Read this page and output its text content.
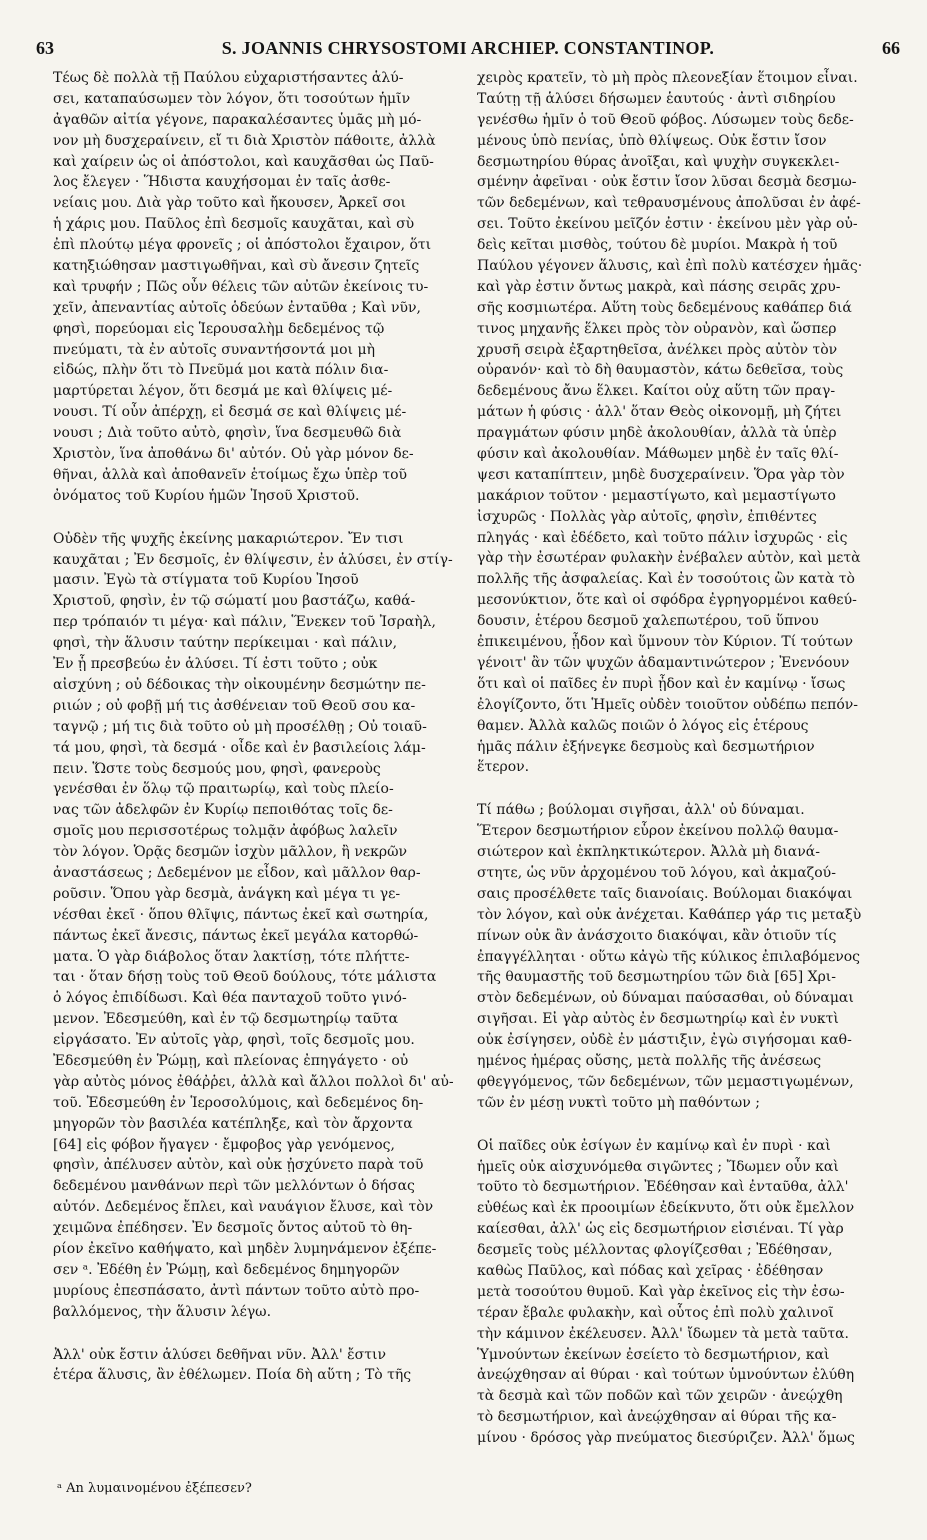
63	S. JOANNIS CHRYSOSTOMI ARCHIEP. CONSTANTINOP.	66
Τέως δὲ πολλὰ τῇ Παύλου εὐχαριστήσαντες ἁλύ-
σει, καταπαύσωμεν τὸν λόγον, ὅτι τοσούτων ἡμῖν
ἀγαθῶν αἰτία γέγονε, παρακαλέσαντες ὑμᾶς μὴ μό-
νον μὴ δυσχεραίνειν, εἴ τι διὰ Χριστὸν πάθοιτε, ἀλλὰ
καὶ χαίρειν ὡς οἱ ἀπόστολοι, καὶ καυχᾶσθαι ὡς Παῦ-
λος ἔλεγεν · Ἥδιστα καυχήσομαι ἐν ταῖς ἀσθε-
νείαις μου. Διὰ γὰρ τοῦτο καὶ ἤκουσεν, Ἀρκεῖ σοι
ἡ χάρις μου. Παῦλος ἐπὶ δεσμοῖς καυχᾶται, καὶ σὺ
ἐπὶ πλούτῳ μέγα φρονεῖς ; οἱ ἀπόστολοι ἔχαιρον, ὅτι
κατηξιώθησαν μαστιγωθῆναι, καὶ σὺ ἄνεσιν ζητεῖς
καὶ τρυφήν ; Πῶς οὖν θέλεις τῶν αὐτῶν ἐκείνοις τυ-
χεῖν, ἀπεναντίας αὐτοῖς ὁδεύων ἐνταῦθα ; Καὶ νῦν,
φησὶ, πορεύομαι εἰς Ἱερουσαλὴμ δεδεμένος τῷ
πνεύματι, τὰ ἐν αὐτοῖς συναντήσοντά μοι μὴ
εἰδώς, πλὴν ὅτι τὸ Πνεῦμά μοι κατὰ πόλιν δια-
μαρτύρεται λέγον, ὅτι δεσμά με καὶ θλίψεις μέ-
νουσι. Τί οὖν ἀπέρχῃ, εἰ δεσμά σε καὶ θλίψεις μέ-
νουσι ; Διὰ τοῦτο αὐτὸ, φησὶν, ἵνα δεσμευθῶ διὰ
Χριστὸν, ἵνα ἀποθάνω δι' αὐτόν. Οὐ γὰρ μόνον δε-
θῆναι, ἀλλὰ καὶ ἀποθανεῖν ἑτοίμως ἔχω ὑπὲρ τοῦ
ὀνόματος τοῦ Κυρίου ἡμῶν Ἰησοῦ Χριστοῦ.
Οὐδὲν τῆς ψυχῆς ἐκείνης μακαριώτερον. Ἔν τισι
καυχᾶται ; Ἐν δεσμοῖς, ἐν θλίψεσιν, ἐν ἁλύσει, ἐν στίγ-
μασιν. Ἐγὼ τὰ στίγματα τοῦ Κυρίου Ἰησοῦ
Χριστοῦ, φησὶν, ἐν τῷ σώματί μου βαστάζω, καθά-
περ τρόπαιόν τι μέγα· καὶ πάλιν, Ἕνεκεν τοῦ Ἰσραὴλ,
φησὶ, τὴν ἅλυσιν ταύτην περίκειμαι · καὶ πάλιν,
Ἐν ᾗ πρεσβεύω ἐν ἁλύσει. Τί ἐστι τοῦτο ; οὐκ
αἰσχύνη ; οὐ δέδοικας τὴν οἰκουμένην δεσμώτην πε-
ριιών ; οὐ φοβῇ μή τις ἀσθένειαν τοῦ Θεοῦ σου κα-
ταγνῷ ; μή τις διὰ τοῦτο οὐ μὴ προσέλθῃ ; Οὐ τοιαῦ-
τά μου, φησὶ, τὰ δεσμά · οἶδε καὶ ἐν βασιλείοις λάμ-
πειν. Ὥστε τοὺς δεσμούς μου, φησὶ, φανεροὺς
γενέσθαι ἐν ὅλῳ τῷ πραιτωρίῳ, καὶ τοὺς πλείο-
νας τῶν ἀδελφῶν ἐν Κυρίῳ πεποιθότας τοῖς δε-
σμοῖς μου περισσοτέρως τολμᾷν ἀφόβως λαλεῖν
τὸν λόγον. Ὁρᾷς δεσμῶν ἰσχὺν μᾶλλον, ἢ νεκρῶν
ἀναστάσεως ; Δεδεμένον με εἶδον, καὶ μᾶλλον θαρ-
ροῦσιν. Ὅπου γὰρ δεσμὰ, ἀνάγκη καὶ μέγα τι γε-
νέσθαι ἐκεῖ · ὅπου θλῖψις, πάντως ἐκεῖ καὶ σωτηρία,
πάντως ἐκεῖ ἄνεσις, πάντως ἐκεῖ μεγάλα κατορθώ-
ματα. Ὁ γὰρ διάβολος ὅταν λακτίσῃ, τότε πλήττε-
ται · ὅταν δήσῃ τοὺς τοῦ Θεοῦ δούλους, τότε μάλιστα
ὁ λόγος ἐπιδίδωσι. Καὶ θέα πανταχοῦ τοῦτο γινό-
μενον. Ἐδεσμεύθη, καὶ ἐν τῷ δεσμωτηρίῳ ταῦτα
εἰργάσατο. Ἐν αὐτοῖς γὰρ, φησὶ, τοῖς δεσμοῖς μου.
Ἐδεσμεύθη ἐν Ῥώμῃ, καὶ πλείονας ἐπηγάγετο · οὐ
γὰρ αὐτὸς μόνος ἐθάῤῥει, ἀλλὰ καὶ ἄλλοι πολλοὶ δι' αὐ-
τοῦ. Ἐδεσμεύθη ἐν Ἱεροσολύμοις, καὶ δεδεμένος δη-
μηγορῶν τὸν βασιλέα κατέπληξε, καὶ τὸν ἄρχοντα
[64] εἰς φόβον ἤγαγεν · ἔμφοβος γὰρ γενόμενος,
φησὶν, ἀπέλυσεν αὐτὸν, καὶ οὐκ ᾐσχύνετο παρὰ τοῦ
δεδεμένου μανθάνων περὶ τῶν μελλόντων ὁ δήσας
αὐτόν. Δεδεμένος ἔπλει, καὶ ναυάγιον ἔλυσε, καὶ τὸν
χειμῶνα ἐπέδησεν. Ἐν δεσμοῖς ὄντος αὐτοῦ τὸ θη-
ρίον ἐκεῖνο καθήψατο, καὶ μηδὲν λυμηνάμενον ἐξέπε-
σεν ᵃ. Ἐδέθη ἐν Ῥώμῃ, καὶ δεδεμένος δημηγορῶν
μυρίους ἐπεσπάσατο, ἀντὶ πάντων τοῦτο αὐτὸ προ-
βαλλόμενος, τὴν ἅλυσιν λέγω.
Ἀλλ' οὐκ ἔστιν ἁλύσει δεθῆναι νῦν. Ἀλλ' ἔστιν
ἑτέρα ἅλυσις, ἂν ἐθέλωμεν. Ποία δὴ αὕτη ; Τὸ τῆς
χειρὸς κρατεῖν, τὸ μὴ πρὸς πλεονεξίαν ἕτοιμον εἶναι.
Ταύτῃ τῇ ἁλύσει δήσωμεν ἑαυτούς · ἀντὶ σιδηρίου
γενέσθω ἡμῖν ὁ τοῦ Θεοῦ φόβος. Λύσωμεν τοὺς δεδε-
μένους ὑπὸ πενίας, ὑπὸ θλίψεως. Οὐκ ἔστιν ἴσον
δεσμωτηρίου θύρας ἀνοῖξαι, καὶ ψυχὴν συγκεκλει-
σμένην ἀφεῖναι · οὐκ ἔστιν ἴσον λῦσαι δεσμὰ δεσμω-
τῶν δεδεμένων, καὶ τεθραυσμένους ἀπολῦσαι ἐν ἀφέ-
σει. Τοῦτο ἐκείνου μεῖζόν ἐστιν · ἐκείνου μὲν γὰρ οὐ-
δεὶς κεῖται μισθὸς, τούτου δὲ μυρίοι. Μακρὰ ἡ τοῦ
Παύλου γέγονεν ἅλυσις, καὶ ἐπὶ πολὺ κατέσχεν ἡμᾶς·
καὶ γὰρ ἐστιν ὄντως μακρὰ, καὶ πάσης σειρᾶς χρυ-
σῆς κοσμιωτέρα. Αὕτη τοὺς δεδεμένους καθάπερ διά
τινος μηχανῆς ἕλκει πρὸς τὸν οὐρανὸν, καὶ ὥσπερ
χρυσῆ σειρὰ ἐξαρτηθεῖσα, ἀνέλκει πρὸς αὐτὸν τὸν
οὐρανόν· καὶ τὸ δὴ θαυμαστὸν, κάτω δεθεῖσα, τοὺς
δεδεμένους ἄνω ἕλκει. Καίτοι οὐχ αὕτη τῶν πραγ-
μάτων ἡ φύσις · ἀλλ' ὅταν Θεὸς οἰκονομῇ, μὴ ζήτει
πραγμάτων φύσιν μηδὲ ἀκολουθίαν, ἀλλὰ τὰ ὑπὲρ
φύσιν καὶ ἀκολουθίαν. Μάθωμεν μηδὲ ἐν ταῖς θλί-
ψεσι καταπίπτειν, μηδὲ δυσχεραίνειν. Ὅρα γὰρ τὸν
μακάριον τοῦτον · μεμαστίγωτο, καὶ μεμαστίγωτο
ἰσχυρῶς · Πολλὰς γὰρ αὐτοῖς, φησὶν, ἐπιθέντες
πληγάς · καὶ ἐδέδετο, καὶ τοῦτο πάλιν ἰσχυρῶς · εἰς
γὰρ τὴν ἐσωτέραν φυλακὴν ἐνέβαλεν αὐτὸν, καὶ μετὰ
πολλῆς τῆς ἀσφαλείας. Καὶ ἐν τοσούτοις ὢν κατὰ τὸ
μεσονύκτιον, ὅτε καὶ οἱ σφόδρα ἐγρηγορμένοι καθεύ-
δουσιν, ἑτέρου δεσμοῦ χαλεπωτέρου, τοῦ ὕπνου
ἐπικειμένου, ᾖδον καὶ ὕμνουν τὸν Κύριον. Τί τούτων
γένοιτ' ἂν τῶν ψυχῶν ἀδαμαντινώτερον ; Ἐνενόουν
ὅτι καὶ οἱ παῖδες ἐν πυρὶ ᾖδον καὶ ἐν καμίνῳ · ἴσως
ἐλογίζοντο, ὅτι Ἡμεῖς οὐδὲν τοιοῦτον οὐδέπω πεπόν-
θαμεν. Ἀλλὰ καλῶς ποιῶν ὁ λόγος εἰς ἑτέρους
ἡμᾶς πάλιν ἐξήνεγκε δεσμοὺς καὶ δεσμωτήριον
ἕτερον.
Τί πάθω ; βούλομαι σιγῆσαι, ἀλλ' οὐ δύναμαι.
Ἕτερον δεσμωτήριον εὗρον ἐκείνου πολλῷ θαυμα-
σιώτερον καὶ ἐκπληκτικώτερον. Ἀλλὰ μὴ διανά-
στητε, ὡς νῦν ἀρχομένου τοῦ λόγου, καὶ ἀκμαζού-
σαις προσέλθετε ταῖς διανοίαις. Βούλομαι διακόψαι
τὸν λόγον, καὶ οὐκ ἀνέχεται. Καθάπερ γάρ τις μεταξὺ
πίνων οὐκ ἂν ἀνάσχοιτο διακόψαι, κἂν ὁτιοῦν τίς
ἐπαγγέλληται · οὕτω κἀγὼ τῆς κύλικος ἐπιλαβόμενος
τῆς θαυμαστῆς τοῦ δεσμωτηρίου τῶν διὰ [65] Χρι-
στὸν δεδεμένων, οὐ δύναμαι παύσασθαι, οὐ δύναμαι
σιγῆσαι. Εἰ γὰρ αὐτὸς ἐν δεσμωτηρίῳ καὶ ἐν νυκτὶ
οὐκ ἐσίγησεν, οὐδὲ ἐν μάστιξιν, ἐγὼ σιγήσομαι καθ-
ημένος ἡμέρας οὔσης, μετὰ πολλῆς τῆς ἀνέσεως
φθεγγόμενος, τῶν δεδεμένων, τῶν μεμαστιγωμένων,
τῶν ἐν μέσῃ νυκτὶ τοῦτο μὴ παθόντων ;
Οἱ παῖδες οὐκ ἐσίγων ἐν καμίνῳ καὶ ἐν πυρὶ · καὶ
ἡμεῖς οὐκ αἰσχυνόμεθα σιγῶντες ; Ἴδωμεν οὖν καὶ
τοῦτο τὸ δεσμωτήριον. Ἐδέθησαν καὶ ἐνταῦθα, ἀλλ'
εὐθέως καὶ ἐκ προοιμίων ἐδείκνυτο, ὅτι οὐκ ἔμελλον
καίεσθαι, ἀλλ' ὡς εἰς δεσμωτήριον εἰσιέναι. Τί γὰρ
δεσμεῖς τοὺς μέλλοντας φλογίζεσθαι ; Ἐδέθησαν,
καθὼς Παῦλος, καὶ πόδας καὶ χεῖρας · ἐδέθησαν
μετὰ τοσούτου θυμοῦ. Καὶ γὰρ ἐκεῖνος εἰς τὴν ἐσω-
τέραν ἔβαλε φυλακὴν, καὶ οὗτος ἐπὶ πολὺ χαλινοῖ
τὴν κάμινον ἐκέλευσεν. Ἀλλ' ἴδωμεν τὰ μετὰ ταῦτα.
Ὑμνούντων ἐκείνων ἐσείετο τὸ δεσμωτήριον, καὶ
ἀνεῴχθησαν αἱ θύραι · καὶ τούτων ὑμνούντων ἐλύθη
τὰ δεσμὰ καὶ τῶν ποδῶν καὶ τῶν χειρῶν · ἀνεῴχθη
τὸ δεσμωτήριον, καὶ ἀνεῴχθησαν αἱ θύραι τῆς κα-
μίνου · δρόσος γὰρ πνεύματος διεσύριζεν. Ἀλλ' ὅμως
ᵃ An λυμαινομένου ἐξέπεσεν?
